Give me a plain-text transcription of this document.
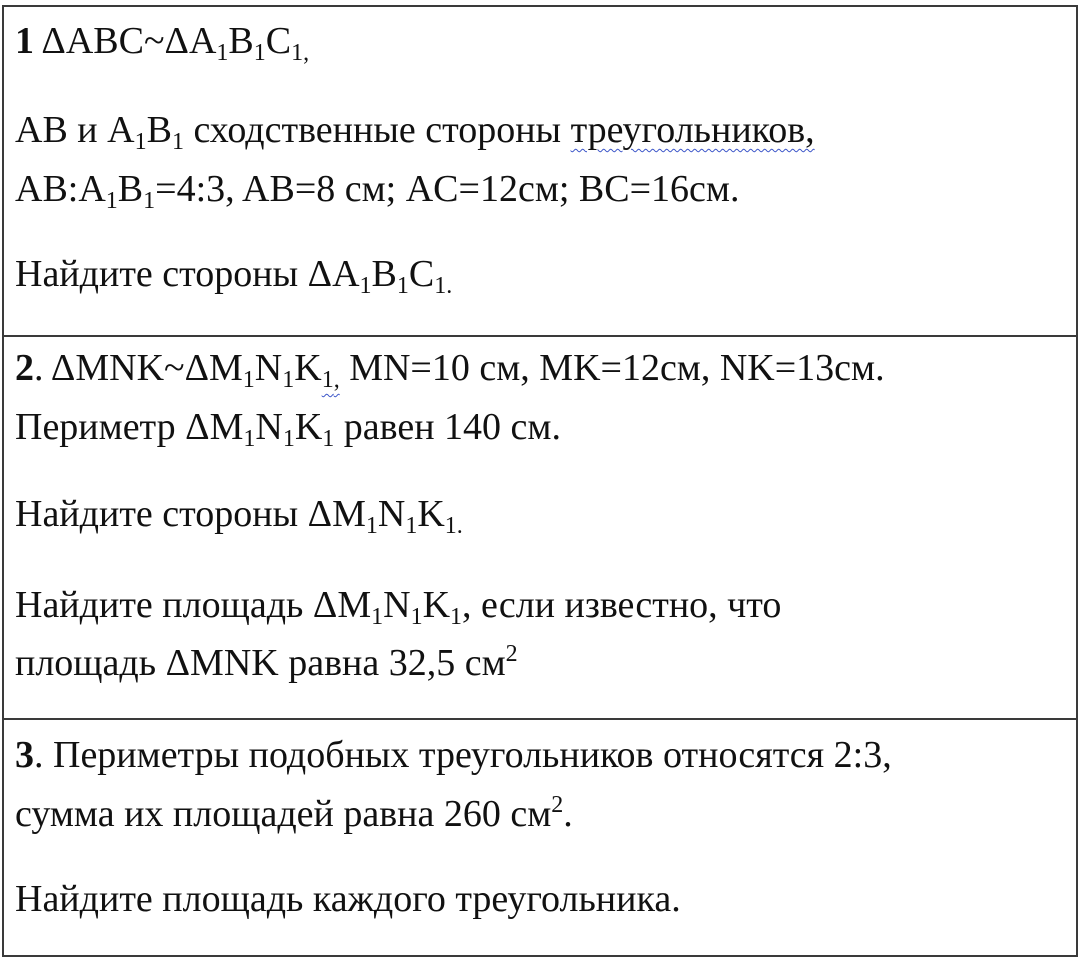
1 ΔABC~ΔA1B1C1,
AB и A1B1 сходственные стороны треугольников,
AB:A1B1=4:3, AB=8 см; AC=12см; BC=16см.
Найдите стороны ΔA1B1C1.
2. ΔMNK~ΔM1N1K1, MN=10 см, MK=12см, NK=13см.
Периметр ΔM1N1K1 равен 140 см.
Найдите стороны ΔM1N1K1.
Найдите площадь ΔM1N1K1, если известно, что
площадь ΔMNK равна 32,5 $см^2$
3. Периметры подобных треугольников относятся 2:3,
сумма их площадей равна 260 $см^2$.
Найдите площадь каждого треугольника.
